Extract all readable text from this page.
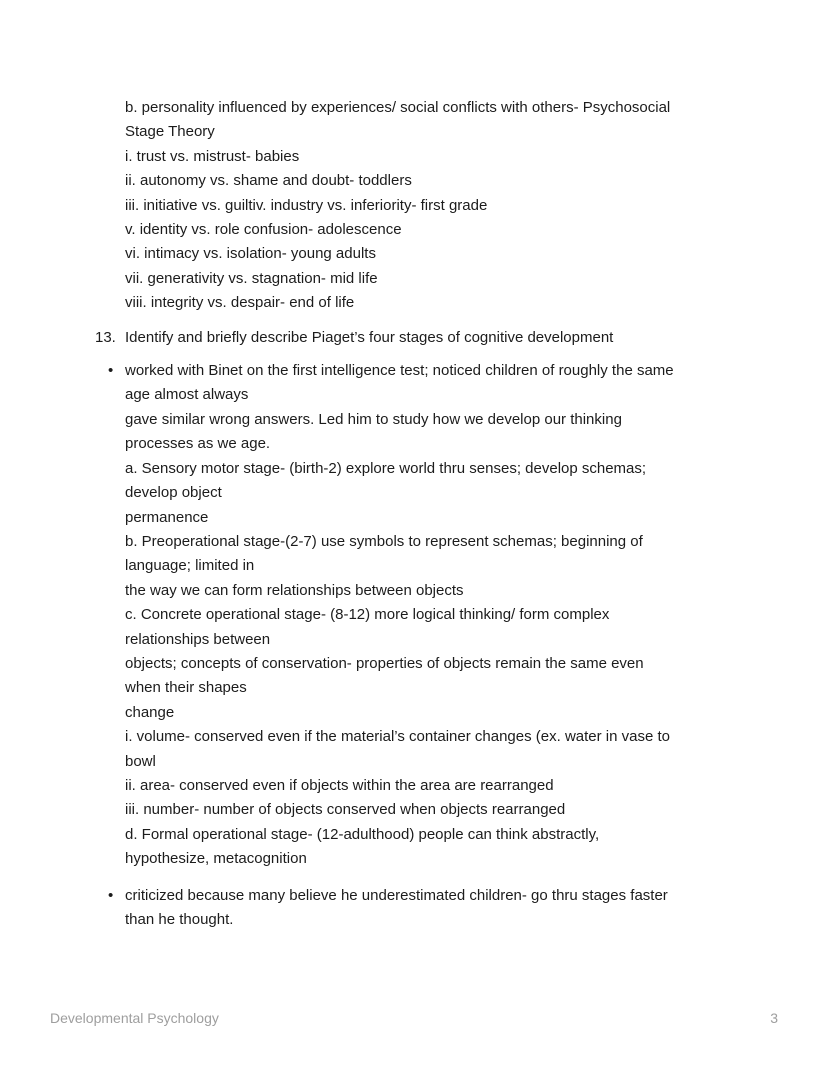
b. personality influenced by experiences/ social conflicts with others- Psychosocial
Stage Theory
i. trust vs. mistrust- babies
ii. autonomy vs. shame and doubt- toddlers
iii. initiative vs. guiltiv. industry vs. inferiority- first grade
v. identity vs. role confusion- adolescence
vi. intimacy vs. isolation- young adults
vii. generativity vs. stagnation- mid life
viii. integrity vs. despair- end of life
13. Identify and briefly describe Piaget’s four stages of cognitive development
• worked with Binet on the first intelligence test; noticed children of roughly the same
age almost always
gave similar wrong answers. Led him to study how we develop our thinking
processes as we age.
a. Sensory motor stage- (birth-2) explore world thru senses; develop schemas;
develop object
permanence
b. Preoperational stage-(2-7) use symbols to represent schemas; beginning of
language; limited in
the way we can form relationships between objects
c. Concrete operational stage- (8-12) more logical thinking/ form complex
relationships between
objects; concepts of conservation- properties of objects remain the same even
when their shapes
change
i. volume- conserved even if the material’s container changes (ex. water in vase to
bowl
ii. area- conserved even if objects within the area are rearranged
iii. number- number of objects conserved when objects rearranged
d. Formal operational stage- (12-adulthood) people can think abstractly,
hypothesize, metacognition
• criticized because many believe he underestimated children- go thru stages faster
than he thought.
Developmental Psychology	3
